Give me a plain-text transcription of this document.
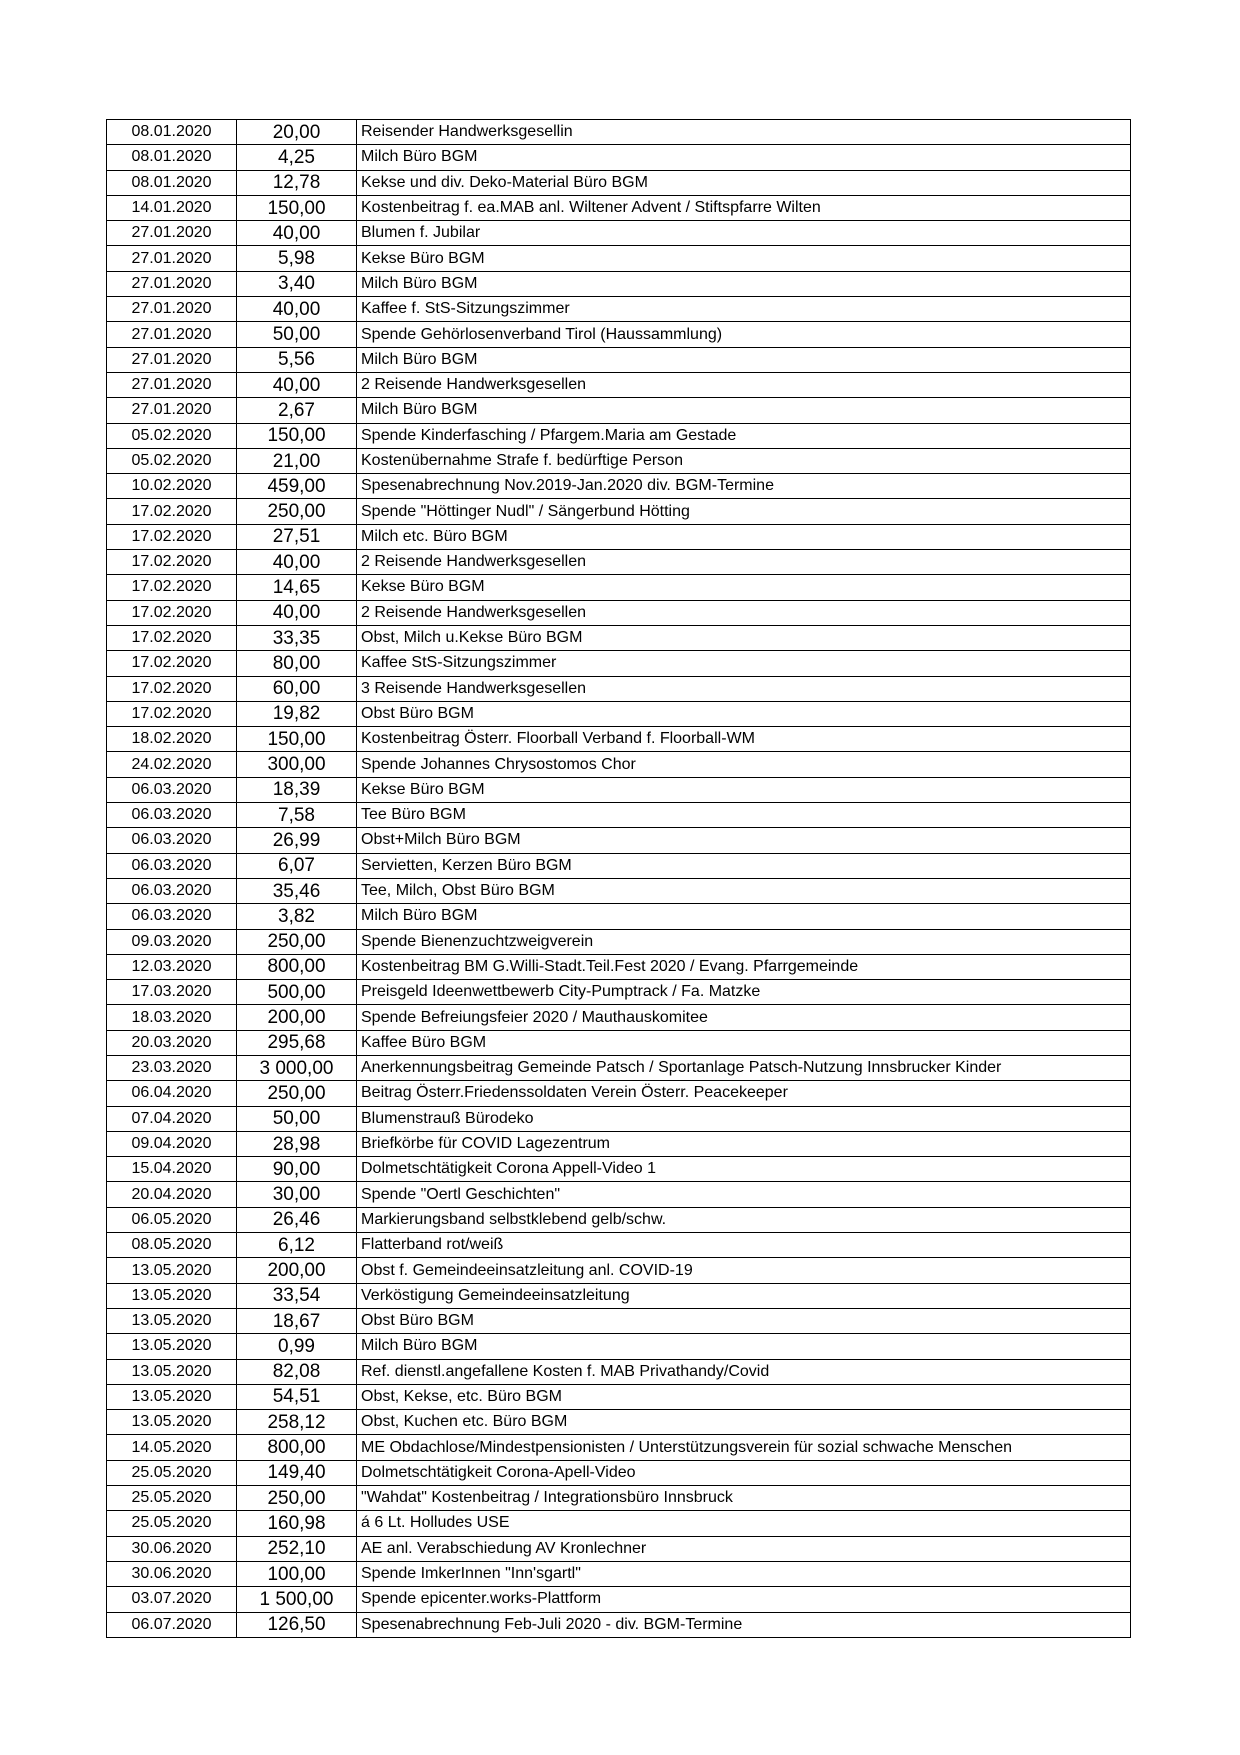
08.01.2020	20,00	Reisender Handwerksgesellin
08.01.2020	4,25	Milch Büro BGM
08.01.2020	12,78	Kekse und div. Deko-Material Büro BGM
14.01.2020	150,00	Kostenbeitrag f. ea.MAB anl. Wiltener Advent / Stiftspfarre Wilten
27.01.2020	40,00	Blumen f. Jubilar
27.01.2020	5,98	Kekse Büro BGM
27.01.2020	3,40	Milch Büro BGM
27.01.2020	40,00	Kaffee f. StS-Sitzungszimmer
27.01.2020	50,00	Spende Gehörlosenverband Tirol (Haussammlung)
27.01.2020	5,56	Milch Büro BGM
27.01.2020	40,00	2 Reisende Handwerksgesellen
27.01.2020	2,67	Milch Büro BGM
05.02.2020	150,00	Spende Kinderfasching / Pfargem.Maria am Gestade
05.02.2020	21,00	Kostenübernahme Strafe f. bedürftige Person
10.02.2020	459,00	Spesenabrechnung Nov.2019-Jan.2020 div. BGM-Termine
17.02.2020	250,00	Spende "Höttinger Nudl" / Sängerbund Hötting
17.02.2020	27,51	Milch etc. Büro BGM
17.02.2020	40,00	2 Reisende Handwerksgesellen
17.02.2020	14,65	Kekse Büro BGM
17.02.2020	40,00	2 Reisende Handwerksgesellen
17.02.2020	33,35	Obst, Milch u.Kekse Büro BGM
17.02.2020	80,00	Kaffee StS-Sitzungszimmer
17.02.2020	60,00	3 Reisende Handwerksgesellen
17.02.2020	19,82	Obst Büro BGM
18.02.2020	150,00	Kostenbeitrag Österr. Floorball Verband f. Floorball-WM
24.02.2020	300,00	Spende Johannes Chrysostomos Chor
06.03.2020	18,39	Kekse Büro BGM
06.03.2020	7,58	Tee Büro BGM
06.03.2020	26,99	Obst+Milch Büro BGM
06.03.2020	6,07	Servietten, Kerzen Büro BGM
06.03.2020	35,46	Tee, Milch, Obst Büro BGM
06.03.2020	3,82	Milch Büro BGM
09.03.2020	250,00	Spende Bienenzuchtzweigverein
12.03.2020	800,00	Kostenbeitrag BM G.Willi-Stadt.Teil.Fest 2020 / Evang. Pfarrgemeinde
17.03.2020	500,00	Preisgeld Ideenwettbewerb City-Pumptrack / Fa. Matzke
18.03.2020	200,00	Spende Befreiungsfeier 2020 / Mauthauskomitee
20.03.2020	295,68	Kaffee Büro BGM
23.03.2020	3 000,00	Anerkennungsbeitrag Gemeinde Patsch / Sportanlage Patsch-Nutzung Innsbrucker Kinder
06.04.2020	250,00	Beitrag Österr.Friedenssoldaten Verein Österr. Peacekeeper
07.04.2020	50,00	Blumenstrauß Bürodeko
09.04.2020	28,98	Briefkörbe für COVID Lagezentrum
15.04.2020	90,00	Dolmetschtätigkeit Corona Appell-Video 1
20.04.2020	30,00	Spende "Oertl Geschichten"
06.05.2020	26,46	Markierungsband selbstklebend gelb/schw.
08.05.2020	6,12	Flatterband rot/weiß
13.05.2020	200,00	Obst f. Gemeindeeinsatzleitung anl. COVID-19
13.05.2020	33,54	Verköstigung Gemeindeeinsatzleitung
13.05.2020	18,67	Obst Büro BGM
13.05.2020	0,99	Milch Büro BGM
13.05.2020	82,08	Ref. dienstl.angefallene Kosten f. MAB Privathandy/Covid
13.05.2020	54,51	Obst, Kekse, etc. Büro BGM
13.05.2020	258,12	Obst, Kuchen etc. Büro BGM
14.05.2020	800,00	ME Obdachlose/Mindestpensionisten / Unterstützungsverein für sozial schwache Menschen
25.05.2020	149,40	Dolmetschtätigkeit Corona-Apell-Video
25.05.2020	250,00	"Wahdat" Kostenbeitrag / Integrationsbüro Innsbruck
25.05.2020	160,98	á 6 Lt. Holludes USE
30.06.2020	252,10	AE anl. Verabschiedung AV Kronlechner
30.06.2020	100,00	Spende ImkerInnen "Inn'sgartl"
03.07.2020	1 500,00	Spende epicenter.works-Plattform
06.07.2020	126,50	Spesenabrechnung Feb-Juli 2020 - div. BGM-Termine
